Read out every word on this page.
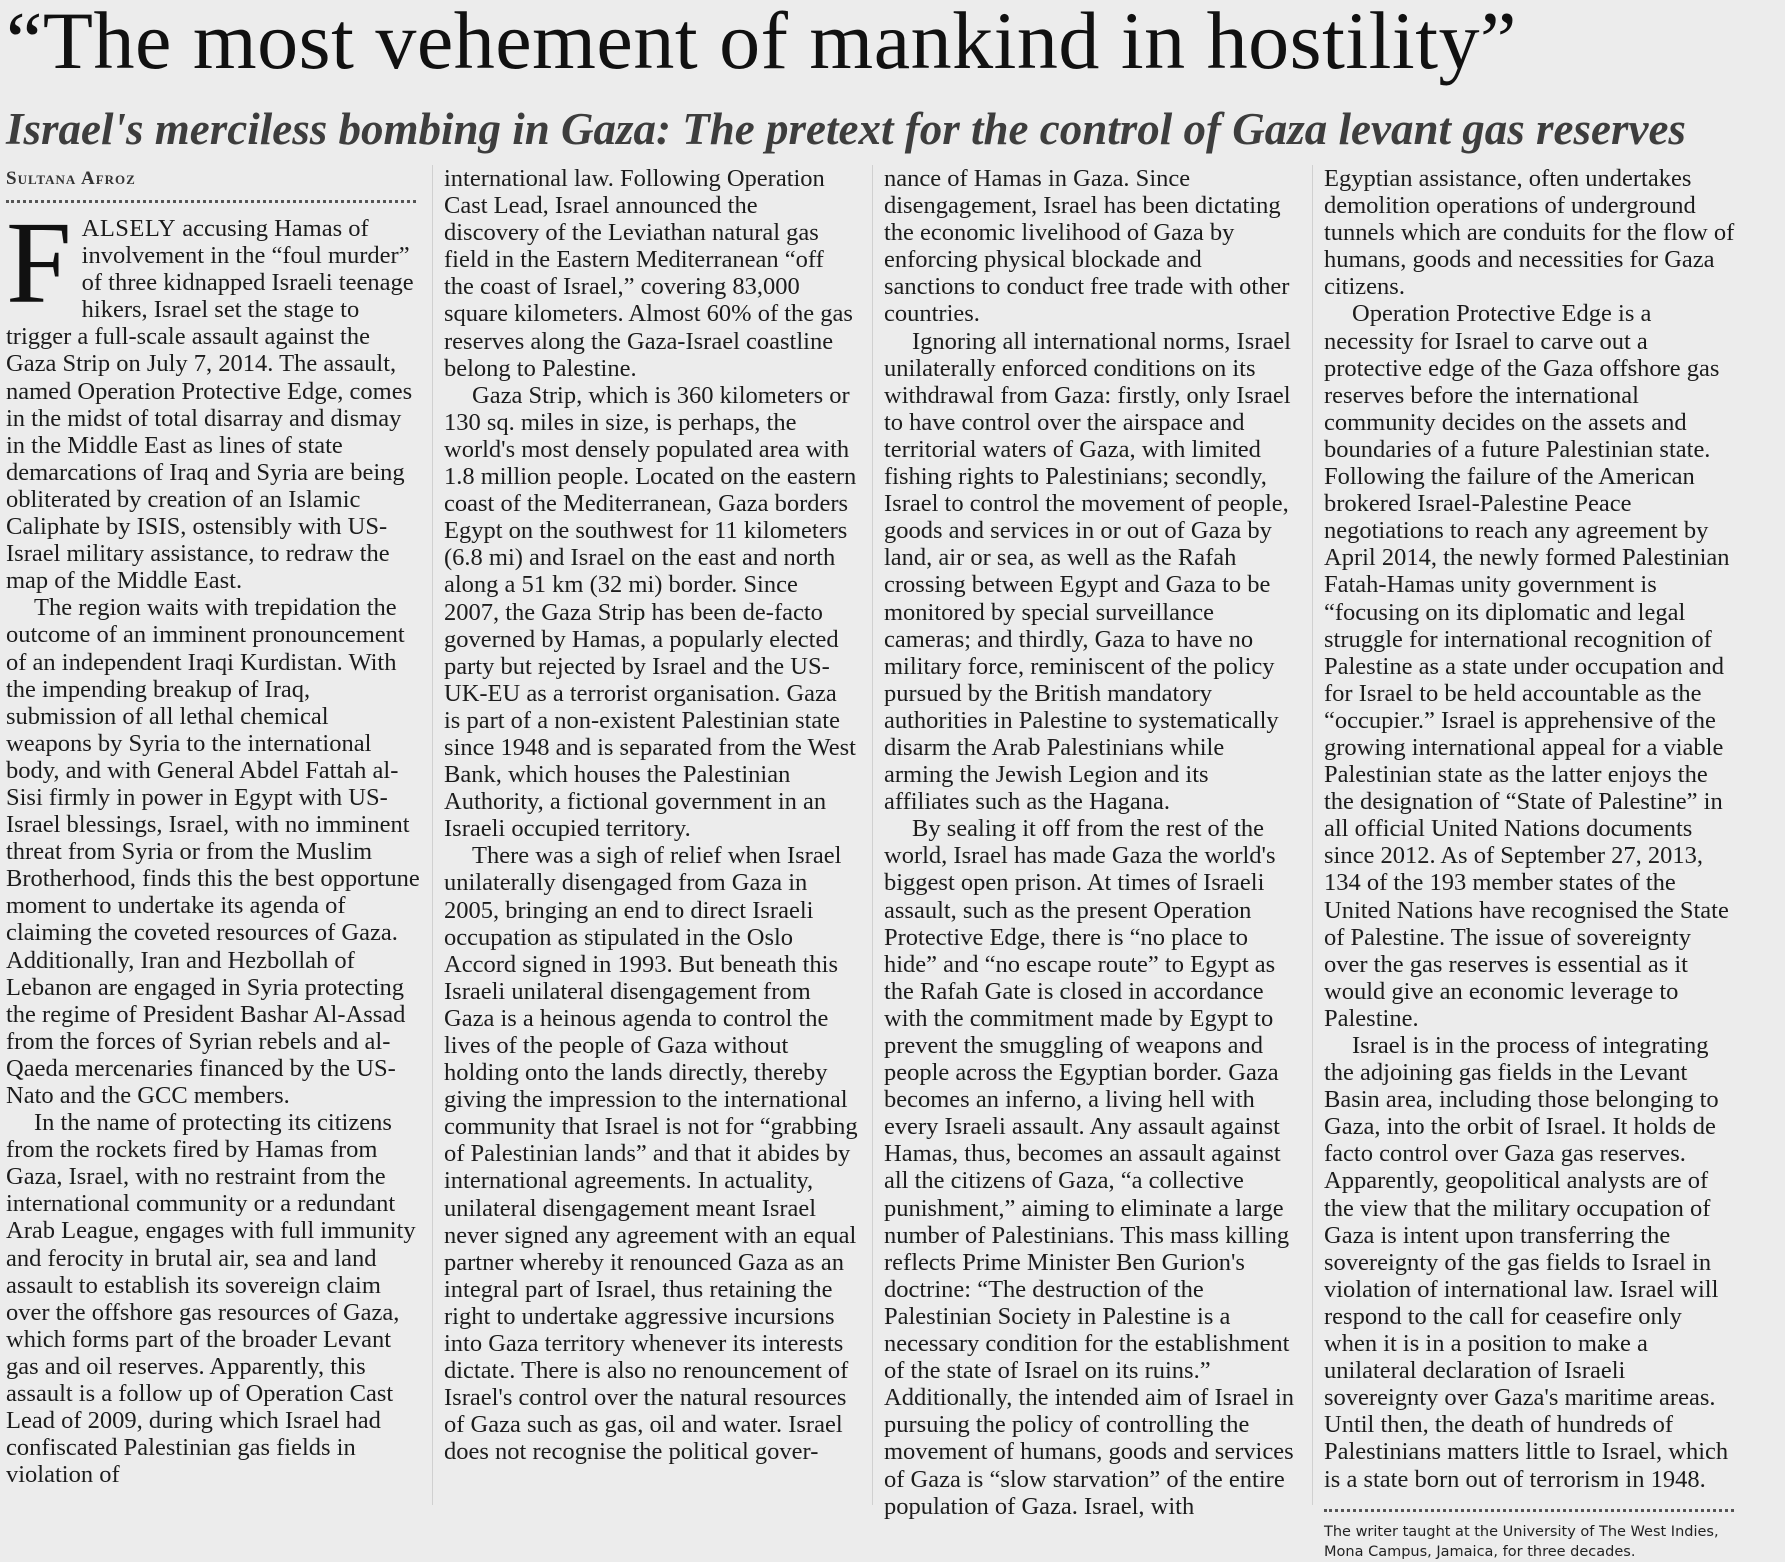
“The most vehement of mankind in hostility”
Israel's merciless bombing in Gaza: The pretext for the control of Gaza levant gas reserves
Sultana Afroz

FALSELY accusing Hamas of involvement in the “foul murder” of three kidnapped Israeli teenage hikers, Israel set the stage to trigger a full-scale assault against the Gaza Strip on July 7, 2014. The assault, named Operation Protective Edge, comes in the midst of total disarray and dismay in the Middle East as lines of state demarcations of Iraq and Syria are being obliterated by creation of an Islamic Caliphate by ISIS, ostensibly with US-Israel military assistance, to redraw the map of the Middle East.

The region waits with trepidation the outcome of an imminent pronouncement of an independent Iraqi Kurdistan. With the impending breakup of Iraq, submission of all lethal chemical weapons by Syria to the international body, and with General Abdel Fattah al-Sisi firmly in power in Egypt with US-Israel blessings, Israel, with no imminent threat from Syria or from the Muslim Brotherhood, finds this the best opportune moment to undertake its agenda of claiming the coveted resources of Gaza. Additionally, Iran and Hezbollah of Lebanon are engaged in Syria protecting the regime of President Bashar Al-Assad from the forces of Syrian rebels and al-Qaeda mercenaries financed by the US-Nato and the GCC members.

In the name of protecting its citizens from the rockets fired by Hamas from Gaza, Israel, with no restraint from the international community or a redundant Arab League, engages with full immunity and ferocity in brutal air, sea and land assault to establish its sovereign claim over the offshore gas resources of Gaza, which forms part of the broader Levant gas and oil reserves. Apparently, this assault is a follow up of Operation Cast Lead of 2009, during which Israel had confiscated Palestinian gas fields in violation of

international law. Following Operation Cast Lead, Israel announced the discovery of the Leviathan natural gas field in the Eastern Mediterranean “off the coast of Israel,” covering 83,000 square kilometers. Almost 60% of the gas reserves along the Gaza-Israel coastline belong to Palestine.

Gaza Strip, which is 360 kilometers or 130 sq. miles in size, is perhaps, the world's most densely populated area with 1.8 million people. Located on the eastern coast of the Mediterranean, Gaza borders Egypt on the southwest for 11 kilometers (6.8 mi) and Israel on the east and north along a 51 km (32 mi) border. Since 2007, the Gaza Strip has been de-facto governed by Hamas, a popularly elected party but rejected by Israel and the US-UK-EU as a terrorist organisation. Gaza is part of a non-existent Palestinian state since 1948 and is separated from the West Bank, which houses the Palestinian Authority, a fictional government in an Israeli occupied territory.

There was a sigh of relief when Israel unilaterally disengaged from Gaza in 2005, bringing an end to direct Israeli occupation as stipulated in the Oslo Accord signed in 1993. But beneath this Israeli unilateral disengagement from Gaza is a heinous agenda to control the lives of the people of Gaza without holding onto the lands directly, thereby giving the impression to the international community that Israel is not for “grabbing of Palestinian lands” and that it abides by international agreements. In actuality, unilateral disengagement meant Israel never signed any agreement with an equal partner whereby it renounced Gaza as an integral part of Israel, thus retaining the right to undertake aggressive incursions into Gaza territory whenever its interests dictate. There is also no renouncement of Israel's control over the natural resources of Gaza such as gas, oil and water. Israel does not recognise the political gover-

nance of Hamas in Gaza. Since disengagement, Israel has been dictating the economic livelihood of Gaza by enforcing physical blockade and sanctions to conduct free trade with other countries.

Ignoring all international norms, Israel unilaterally enforced conditions on its withdrawal from Gaza: firstly, only Israel to have control over the airspace and territorial waters of Gaza, with limited fishing rights to Palestinians; secondly, Israel to control the movement of people, goods and services in or out of Gaza by land, air or sea, as well as the Rafah crossing between Egypt and Gaza to be monitored by special surveillance cameras; and thirdly, Gaza to have no military force, reminiscent of the policy pursued by the British mandatory authorities in Palestine to systematically disarm the Arab Palestinians while arming the Jewish Legion and its affiliates such as the Hagana.

By sealing it off from the rest of the world, Israel has made Gaza the world's biggest open prison. At times of Israeli assault, such as the present Operation Protective Edge, there is “no place to hide” and “no escape route” to Egypt as the Rafah Gate is closed in accordance with the commitment made by Egypt to prevent the smuggling of weapons and people across the Egyptian border. Gaza becomes an inferno, a living hell with every Israeli assault. Any assault against Hamas, thus, becomes an assault against all the citizens of Gaza, “a collective punishment,” aiming to eliminate a large number of Palestinians. This mass killing reflects Prime Minister Ben Gurion's doctrine: “The destruction of the Palestinian Society in Palestine is a necessary condition for the establishment of the state of Israel on its ruins.” Additionally, the intended aim of Israel in pursuing the policy of controlling the movement of humans, goods and services of Gaza is “slow starvation” of the entire population of Gaza. Israel, with

Egyptian assistance, often undertakes demolition operations of underground tunnels which are conduits for the flow of humans, goods and necessities for Gaza citizens.

Operation Protective Edge is a necessity for Israel to carve out a protective edge of the Gaza offshore gas reserves before the international community decides on the assets and boundaries of a future Palestinian state. Following the failure of the American brokered Israel-Palestine Peace negotiations to reach any agreement by April 2014, the newly formed Palestinian Fatah-Hamas unity government is “focusing on its diplomatic and legal struggle for international recognition of Palestine as a state under occupation and for Israel to be held accountable as the “occupier.” Israel is apprehensive of the growing international appeal for a viable Palestinian state as the latter enjoys the the designation of “State of Palestine” in all official United Nations documents since 2012. As of September 27, 2013, 134 of the 193 member states of the United Nations have recognised the State of Palestine. The issue of sovereignty over the gas reserves is essential as it would give an economic leverage to Palestine.

Israel is in the process of integrating the adjoining gas fields in the Levant Basin area, including those belonging to Gaza, into the orbit of Israel. It holds de facto control over Gaza gas reserves. Apparently, geopolitical analysts are of the view that the military occupation of Gaza is intent upon transferring the sovereignty of the gas fields to Israel in violation of international law. Israel will respond to the call for ceasefire only when it is in a position to make a unilateral declaration of Israeli sovereignty over Gaza's maritime areas. Until then, the death of hundreds of Palestinians matters little to Israel, which is a state born out of terrorism in 1948.

The writer taught at the University of The West Indies, Mona Campus, Jamaica, for three decades.
